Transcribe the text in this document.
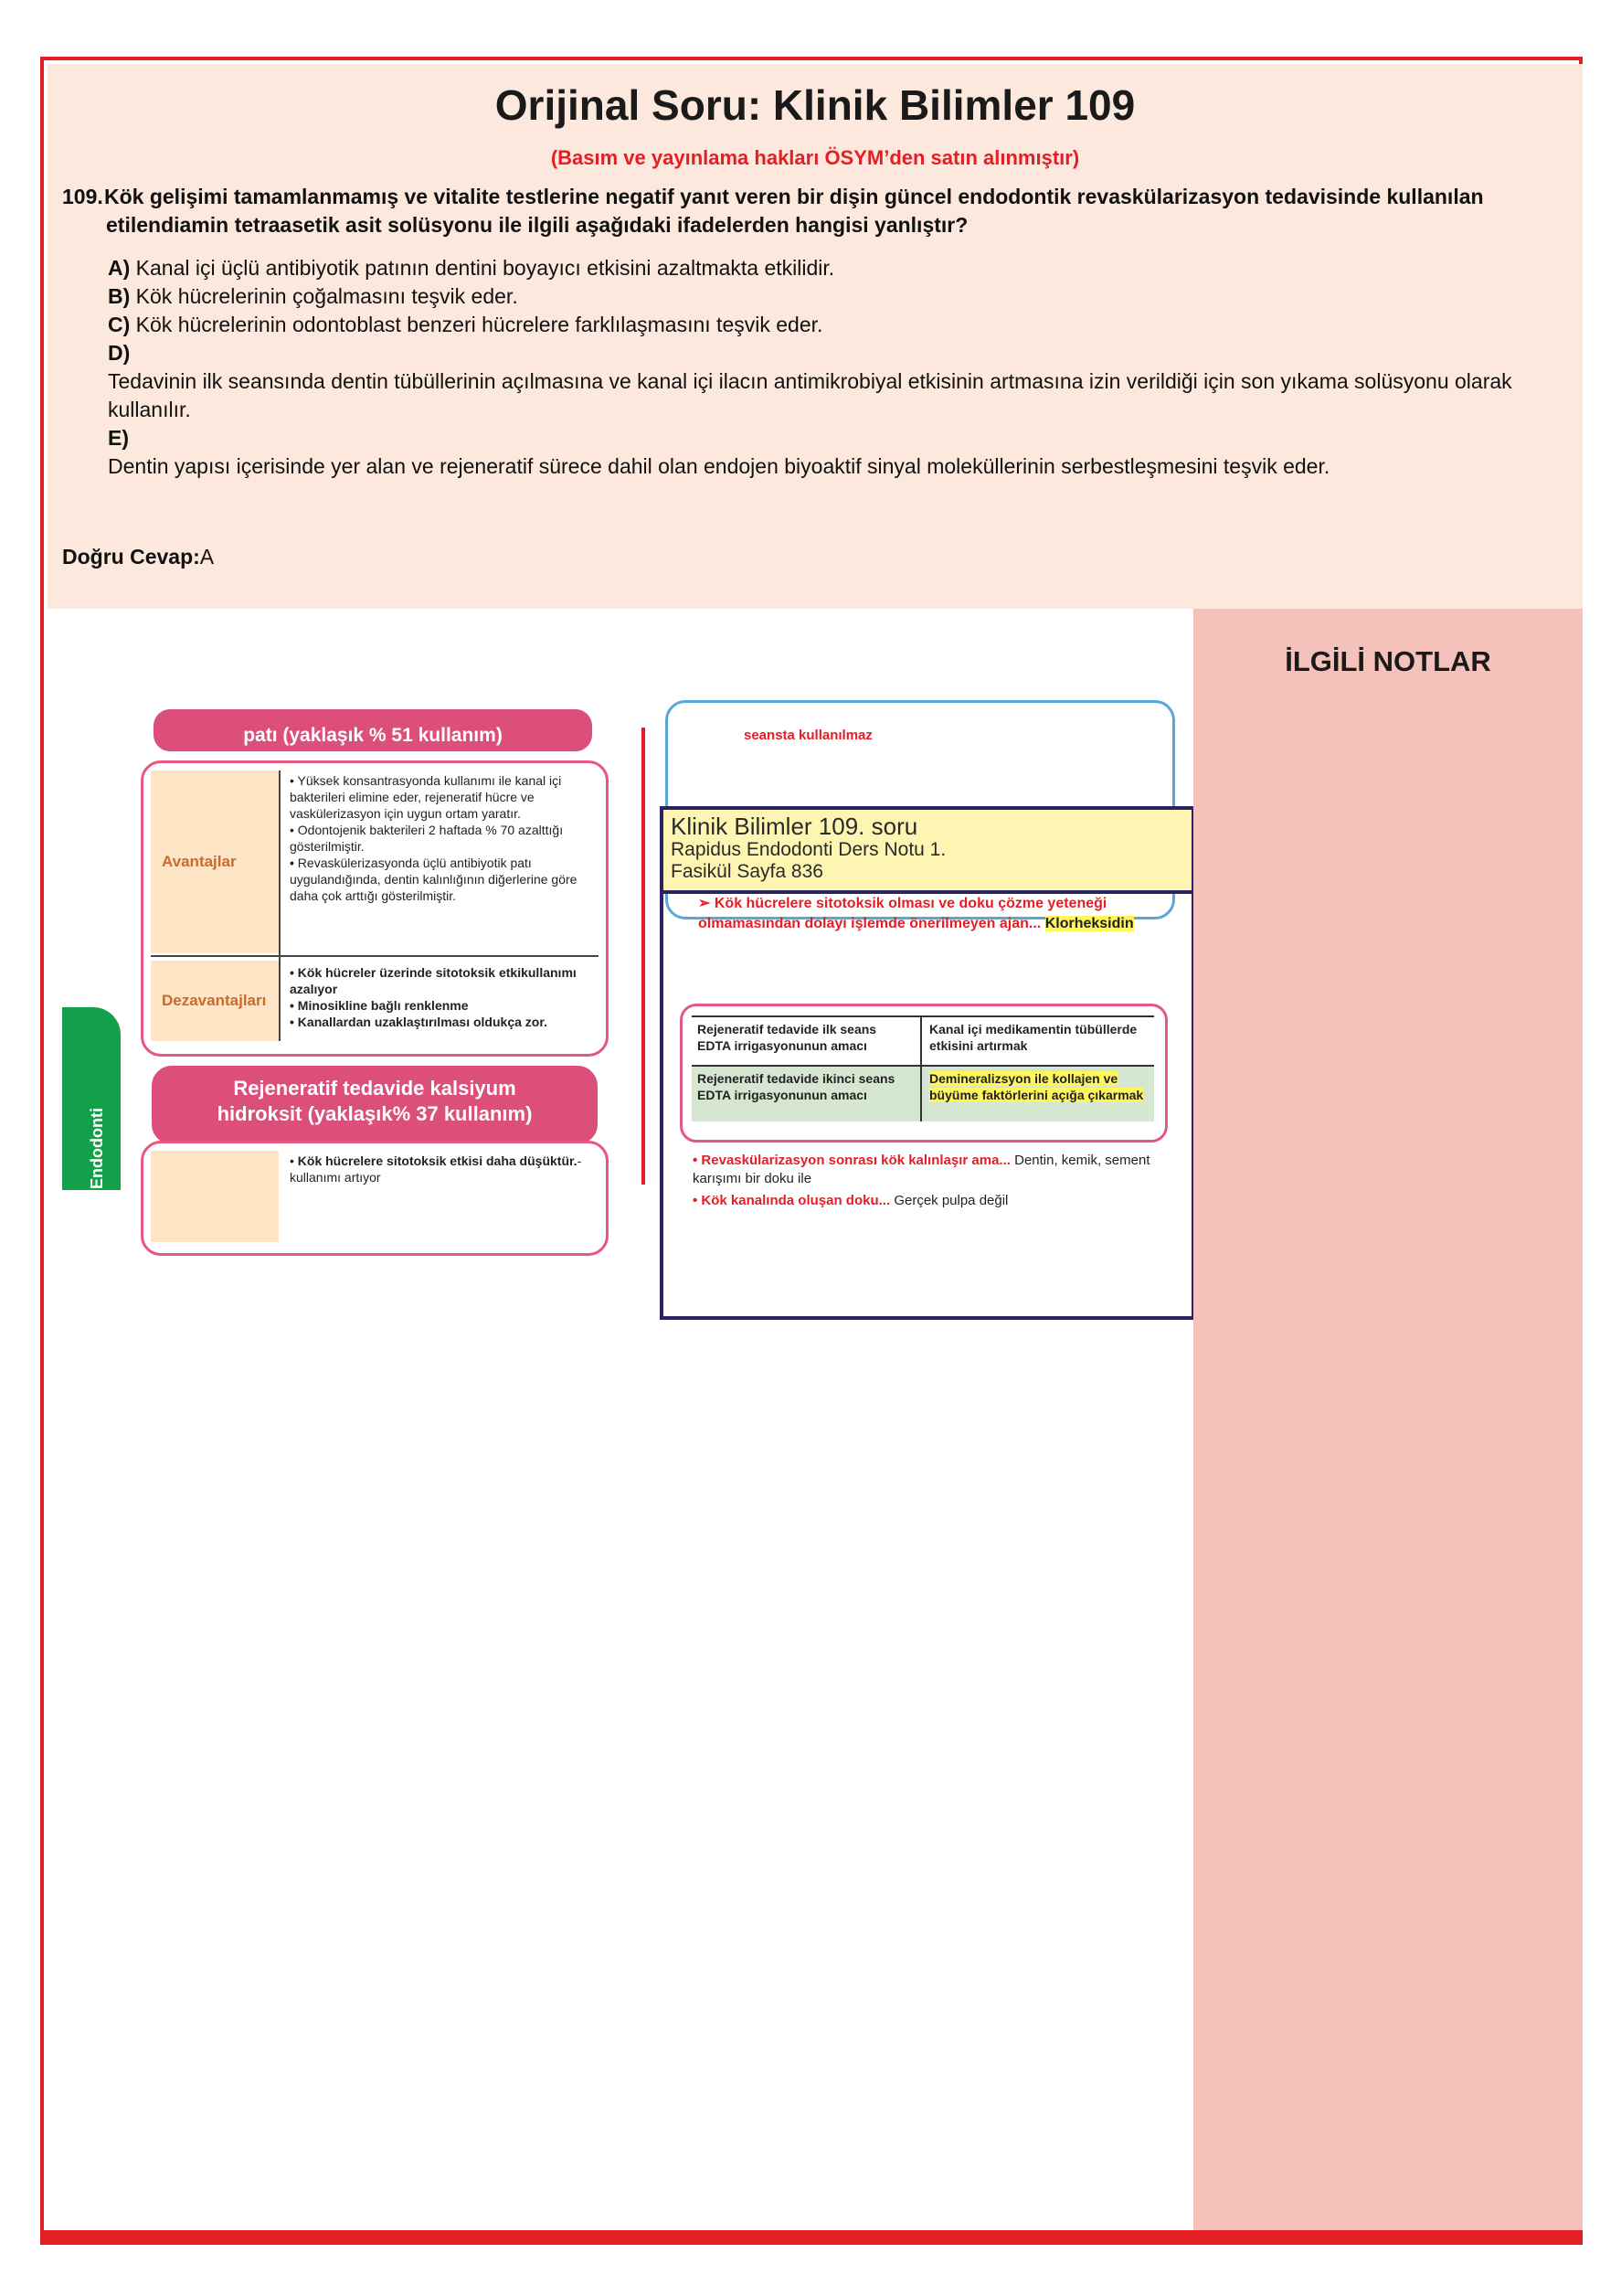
Orijinal Soru: Klinik Bilimler 109
(Basım ve yayınlama hakları ÖSYM’den satın alınmıştır)
109. Kök gelişimi tamamlanmamış ve vitalite testlerine negatif yanıt veren bir dişin güncel endodontik revaskülarizasyon tedavisinde kullanılan etilendiamin tetraasetik asit solüsyonu ile ilgili aşağıdaki ifadelerden hangisi yanlıştır?
A) Kanal içi üçlü antibiyotik patının dentini boyayıcı etkisini azaltmakta etkilidir.
B) Kök hücrelerinin çoğalmasını teşvik eder.
C) Kök hücrelerinin odontoblast benzeri hücrelere farklılaşmasını teşvik eder.
D)
Tedavinin ilk seansında dentin tübüllerinin açılmasına ve kanal içi ilacın antimikrobiyal etkisinin artmasına izin verildiği için son yıkama solüsyonu olarak kullanılır.
E)
Dentin yapısı içerisinde yer alan ve rejeneratif sürece dahil olan endojen biyoaktif sinyal moleküllerinin serbestleşmesini teşvik eder.
Doğru Cevap:A
patı (yaklaşık % 51 kullanım)
Avantajlar
Dezavantajları
• Yüksek konsantrasyonda kullanımı ile kanal içi bakterileri elimine eder, rejeneratif hücre ve vaskülerizasyon için uygun ortam yaratır.
• Odontojenik bakterileri 2 haftada % 70 azalttığı gösterilmiştir.
• Revaskülerizasyonda üçlü antibiyotik patı uygulandığında, dentin kalınlığının diğerlerine göre daha çok arttığı gösterilmiştir.
• Kök hücreler üzerinde sitotoksik etkikullanımı azalıyor
• Minosikline bağlı renklenme
• Kanallardan uzaklaştırılması oldukça zor.
Rejeneratif tedavide kalsiyum
hidroksit (yaklaşık% 37 kullanım)
• Kök hücrelere sitotoksik etkisi daha düşüktür.-kullanımı artıyor
Endodonti
seansta kullanılmaz
➢ Kök hücrelere sitotoksik olması ve doku çözme yeteneği olmamasından dolayı işlemde önerilmeyen ajan... Klorheksidin
Rejeneratif tedavide ilk seans EDTA irrigasyonunun amacı
Kanal içi medikamentin tübüllerde etkisini artırmak
Rejeneratif tedavide ikinci seans EDTA irrigasyonunun amacı
Demineralizsyon ile kollajen ve büyüme faktörlerini açığa çıkarmak
• Revaskülarizasyon sonrası kök kalınlaşır ama... Dentin, kemik, sement karışımı bir doku ile
• Kök kanalında oluşan doku... Gerçek pulpa değil
Klinik Bilimler 109. soru
Rapidus Endodonti Ders Notu 1.
Fasikül Sayfa 836
İLGİLİ NOTLAR
